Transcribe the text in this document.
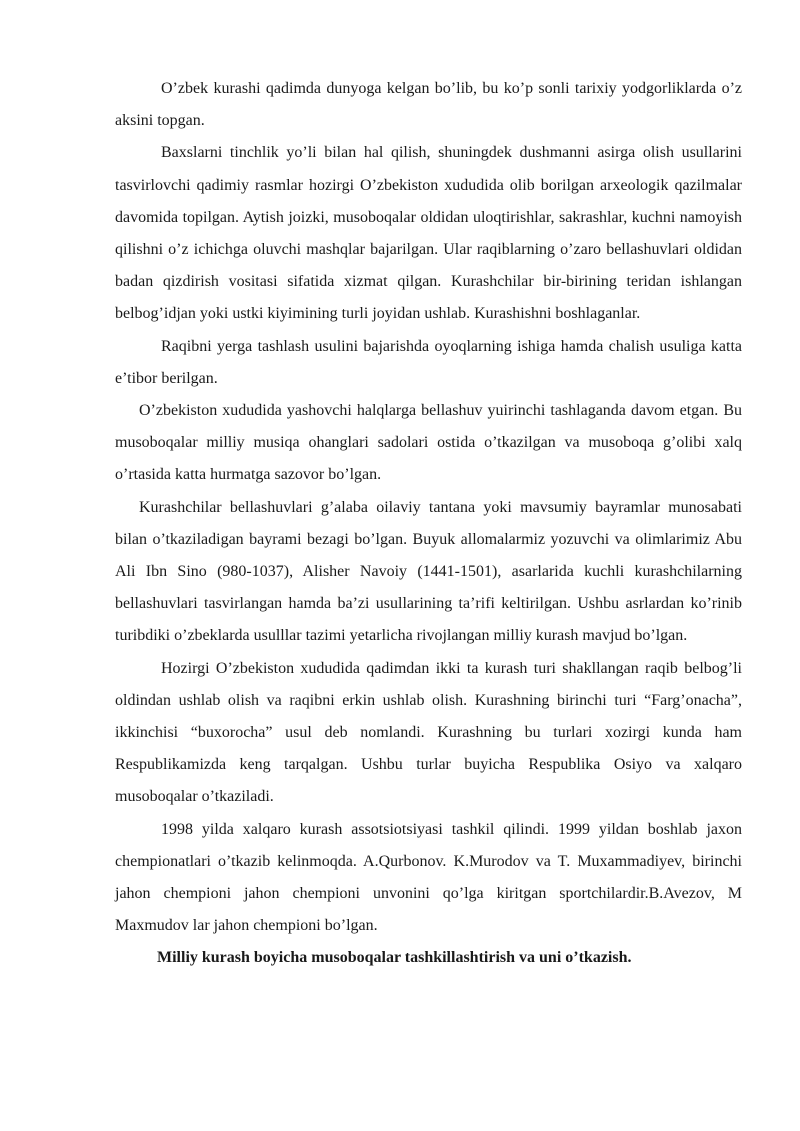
O’zbek kurashi qadimda dunyoga kelgan bo’lib, bu ko’p sonli tarixiy yodgorliklarda o’z aksini topgan.

Baxslarni tinchlik yo’li bilan hal qilish, shuningdek dushmanni asirga olish usullarini tasvirlovchi qadimiy rasmlar hozirgi O’zbekiston xududida olib borilgan arxeologik qazilmalar davomida topilgan. Aytish joizki, musoboqalar oldidan uloqtirishlar, sakrashlar, kuchni namoyish qilishni o’z ichichga oluvchi mashqlar bajarilgan. Ular raqiblarning o’zaro bellashuvlari oldidan badan qizdirish vositasi sifatida xizmat qilgan. Kurashchilar bir-birining teridan ishlangan belbog’idjan yoki ustki kiyimining turli joyidan ushlab. Kurashishni boshlaganlar.

Raqibni yerga tashlash usulini bajarishda oyoqlarning ishiga hamda chalish usuliga katta e’tibor berilgan.

O’zbekiston xududida yashovchi halqlarga bellashuv yuirinchi tashlaganda davom etgan. Bu musoboqalar milliy musiqa ohanglari sadolari ostida o’tkazilgan va musoboqa g’olibi xalq o’rtasida katta hurmatga sazovor bo’lgan.

Kurashchilar bellashuvlari g’alaba oilaviy tantana yoki mavsumiy bayramlar munosabati bilan o’tkaziladigan bayrami bezagi bo’lgan. Buyuk allomalarmiz yozuvchi va olimlarimiz Abu Ali Ibn Sino (980-1037), Alisher Navoiy (1441-1501), asarlarida kuchli kurashchilarning bellashuvlari tasvirlangan hamda ba’zi usullarining ta’rifi keltirilgan. Ushbu asrlardan ko’rinib turibdiki o’zbeklarda usulllar tazimi yetarlicha rivojlangan milliy kurash mavjud bo’lgan.

Hozirgi O’zbekiston xududida qadimdan ikki ta kurash turi shakllangan raqib belbog’li oldindan ushlab olish va raqibni erkin ushlab olish. Kurashning birinchi turi “Farg’onacha”, ikkinchisi “buxorocha” usul deb nomlandi. Kurashning bu turlari xozirgi kunda ham Respublikamizda keng tarqalgan. Ushbu turlar buyicha Respublika Osiyo va xalqaro musoboqalar o’tkaziladi.

1998 yilda xalqaro kurash assotsiotsiyasi tashkil qilindi. 1999 yildan boshlab jaxon chempionatlari o’tkazib kelinmoqda. A.Qurbonov. K.Murodov va T. Muxammadiyev, birinchi jahon chempioni jahon chempioni unvonini qo’lga kiritgan sportchilardir.B.Avezov, M Maxmudov lar jahon chempioni bo’lgan.

Milliy kurash boyicha musoboqalar tashkillashtirish va uni o’tkazish.
